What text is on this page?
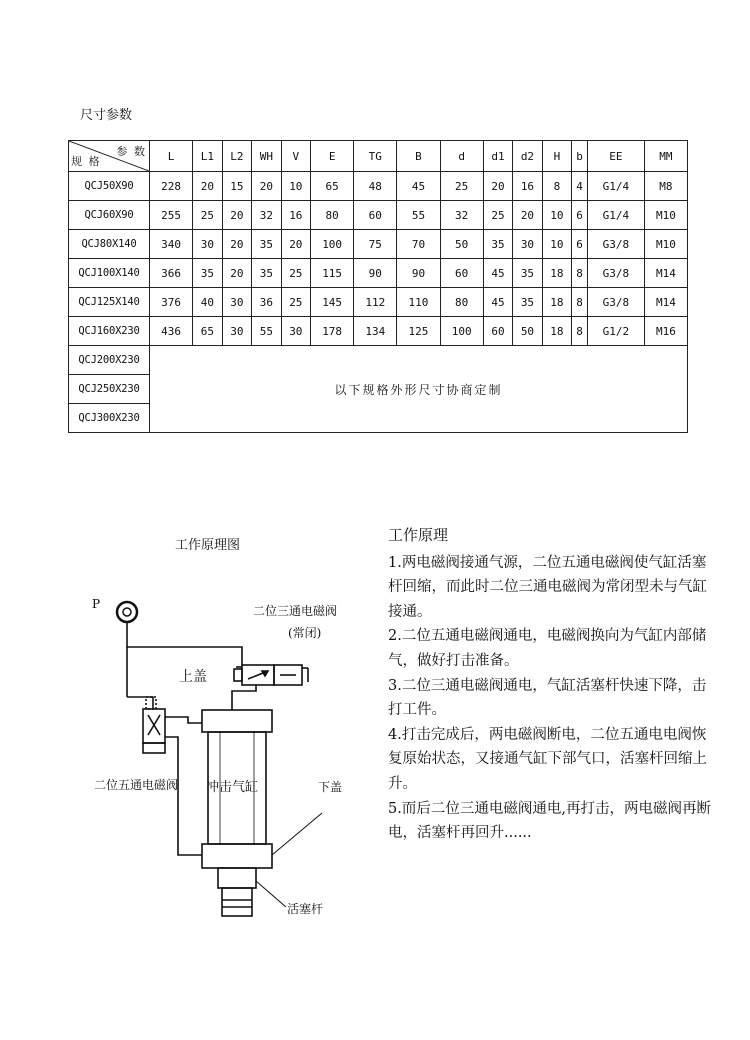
尺寸参数
参 数
规 格	L	L1	L2	WH	V	E	TG	B	d	d1	d2	H	b	EE	MM
QCJ50X90	228	20	15	20	10	65	48	45	25	20	16	8	4	G1/4	M8
QCJ60X90	255	25	20	32	16	80	60	55	32	25	20	10	6	G1/4	M10
QCJ80X140	340	30	20	35	20	100	75	70	50	35	30	10	6	G3/8	M10
QCJ100X140	366	35	20	35	25	115	90	90	60	45	35	18	8	G3/8	M14
QCJ125X140	376	40	30	36	25	145	112	110	80	45	35	18	8	G3/8	M14
QCJ160X230	436	65	30	55	30	178	134	125	100	60	50	18	8	G1/2	M16
QCJ200X230	以下规格外形尺寸协商定制														
QCJ250X230															
QCJ300X230															
工作原理图
P	二位三通电磁阀
(常闭)
上盖
冲击气缸
二位五通电磁阀	下盖
活塞杆
工作原理

1.两电磁阀接通气源，二位五通电磁阀使气缸活塞杆回缩，而此时二位三通电磁阀为常闭型未与气缸接通。

2.二位五通电磁阀通电，电磁阀换向为气缸内部储气，做好打击准备。

3.二位三通电磁阀通电，气缸活塞杆快速下降，击打工件。

4.打击完成后，两电磁阀断电，二位五通电电阀恢复原始状态，又接通气缸下部气口，活塞杆回缩上升。

5.而后二位三通电磁阀通电,再打击，两电磁阀再断电，活塞杆再回升......
